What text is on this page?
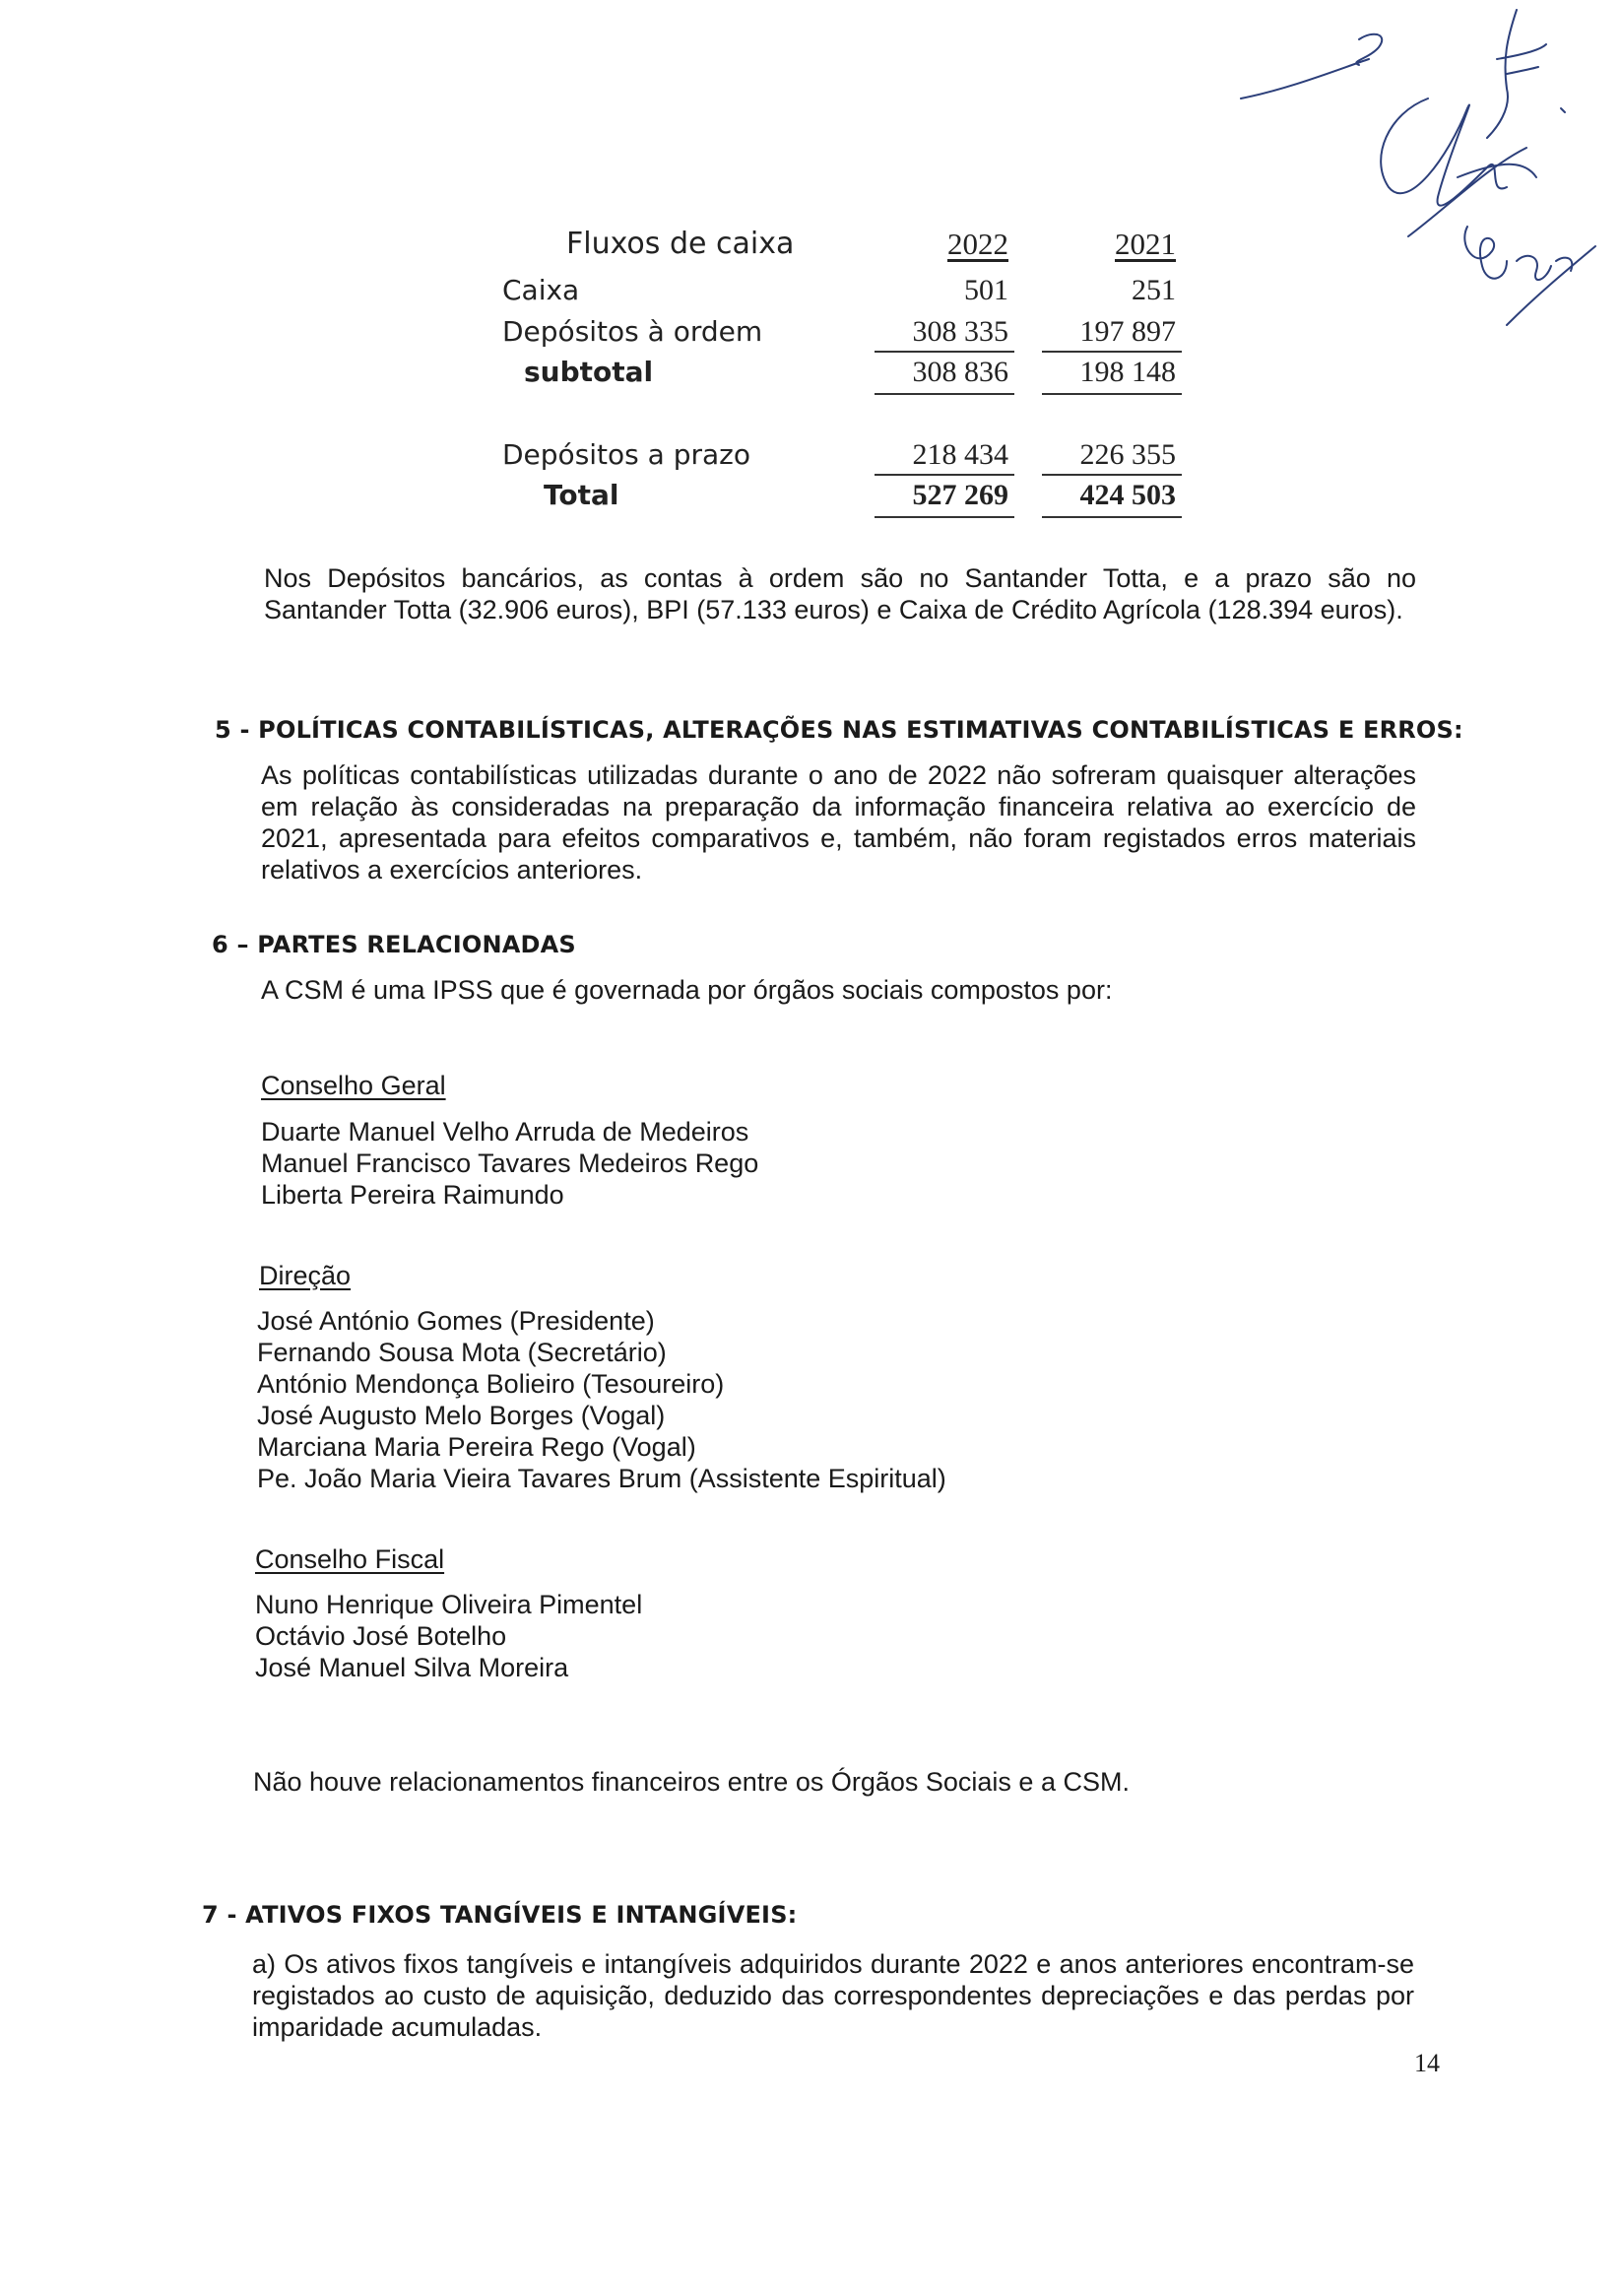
Fluxos de caixa	2022	2021
Caixa	501	251
Depósitos à ordem	308 335	197 897
subtotal	308 836	198 148
Depósitos a prazo	218 434	226 355
Total	527 269	424 503
Nos Depósitos bancários, as contas à ordem são no Santander Totta, e a prazo são no Santander Totta (32.906 euros), BPI (57.133 euros) e Caixa de Crédito Agrícola (128.394 euros).
5 - POLÍTICAS CONTABILÍSTICAS, ALTERAÇÕES NAS ESTIMATIVAS CONTABILÍSTICAS E ERROS:
As políticas contabilísticas utilizadas durante o ano de 2022 não sofreram quaisquer alterações em relação às consideradas na preparação da informação financeira relativa ao exercício de 2021, apresentada para efeitos comparativos e, também, não foram registados erros materiais relativos a exercícios anteriores.
6 – PARTES RELACIONADAS
A CSM é uma IPSS que é governada por órgãos sociais compostos por:
Conselho Geral
Duarte Manuel Velho Arruda de Medeiros
Manuel Francisco Tavares Medeiros Rego
Liberta Pereira Raimundo
Direção
José António Gomes (Presidente)
Fernando Sousa Mota (Secretário)
António Mendonça Bolieiro (Tesoureiro)
José Augusto Melo Borges (Vogal)
Marciana Maria Pereira Rego (Vogal)
Pe. João Maria Vieira Tavares Brum (Assistente Espiritual)
Conselho Fiscal
Nuno Henrique Oliveira Pimentel
Octávio José Botelho
José Manuel Silva Moreira
Não houve relacionamentos financeiros entre os Órgãos Sociais e a CSM.
7 - ATIVOS FIXOS TANGÍVEIS E INTANGÍVEIS:
a) Os ativos fixos tangíveis e intangíveis adquiridos durante 2022 e anos anteriores encontram-se registados ao custo de aquisição, deduzido das correspondentes depreciações e das perdas por imparidade acumuladas.
14
